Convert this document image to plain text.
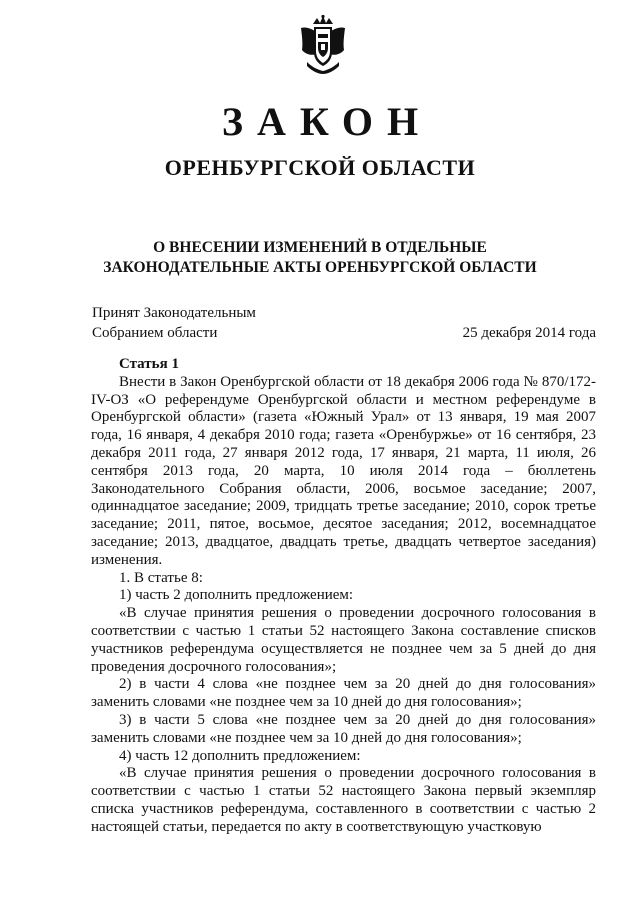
ЗАКОН
ОРЕНБУРГСКОЙ ОБЛАСТИ
О ВНЕСЕНИИ ИЗМЕНЕНИЙ В ОТДЕЛЬНЫЕ
ЗАКОНОДАТЕЛЬНЫЕ АКТЫ ОРЕНБУРГСКОЙ ОБЛАСТИ
Принят Законодательным
Собранием области	25 декабря 2014 года
Статья 1

Внести в Закон Оренбургской области от 18 декабря 2006 года № 870/172-IV-ОЗ «О референдуме Оренбургской области и местном референдуме в Оренбургской области» (газета «Южный Урал» от 13 января, 19 мая 2007 года, 16 января, 4 декабря 2010 года; газета «Оренбуржье» от 16 сентября, 23 декабря 2011 года, 27 января 2012 года, 17 января, 21 марта, 11 июля, 26 сентября 2013 года, 20 марта, 10 июля 2014 года – бюллетень Законодательного Собрания области, 2006, восьмое заседание; 2007, одиннадцатое заседание; 2009, тридцать третье заседание; 2010, сорок третье заседание; 2011, пятое, восьмое, десятое заседания; 2012, восемнадцатое заседание; 2013, двадцатое, двадцать третье, двадцать четвертое заседания) изменения.

1. В статье 8:

1) часть 2 дополнить предложением:

«В случае принятия решения о проведении досрочного голосования в соответствии с частью 1 статьи 52 настоящего Закона составление списков участников референдума осуществляется не позднее чем за 5 дней до дня проведения досрочного голосования»;

2) в части 4 слова «не позднее чем за 20 дней до дня голосования» заменить словами «не позднее чем за 10 дней до дня голосования»;

3) в части 5 слова «не позднее чем за 20 дней до дня голосования» заменить словами «не позднее чем за 10 дней до дня голосования»;

4) часть 12 дополнить предложением:

«В случае принятия решения о проведении досрочного голосования в соответствии с частью 1 статьи 52 настоящего Закона первый экземпляр списка участников референдума, составленного в соответствии с частью 2 настоящей статьи, передается по акту в соответствующую участковую
